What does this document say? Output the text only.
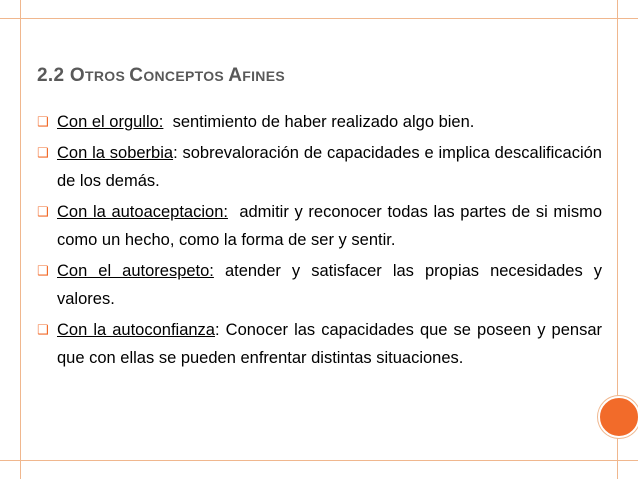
2.2 OTROS CONCEPTOS AFINES
❑ Con el orgullo: sentimiento de haber realizado algo bien.
❑ Con la soberbia: sobrevaloración de capacidades e implica descalificación de los demás.
❑ Con la autoaceptacion: admitir y reconocer todas las partes de si mismo como un hecho, como la forma de ser y sentir.
❑ Con el autorespeto: atender y satisfacer las propias necesidades y valores.
❑ Con la autoconfianza: Conocer las capacidades que se poseen y pensar que con ellas se pueden enfrentar distintas situaciones.
